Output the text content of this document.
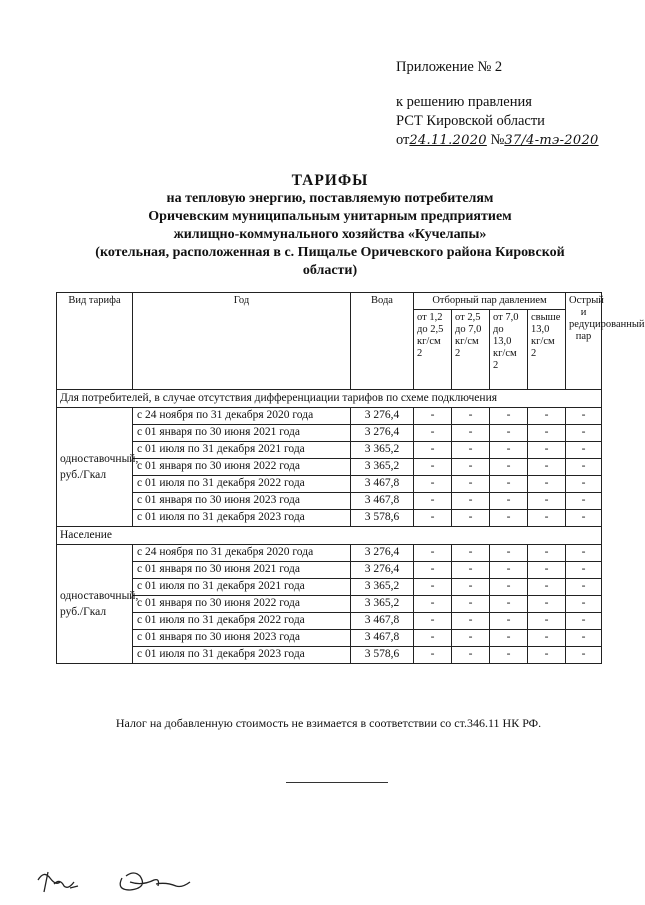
Приложение № 2
к решению правления
РСТ Кировской области
от24.11.2020 №37/4-тэ-2020
ТАРИФЫ
на тепловую энергию, поставляемую потребителям
Оричевским муниципальным унитарным предприятием
жилищно-коммунального хозяйства «Кучелапы»
(котельная, расположенная в с. Пищалье Оричевского района Кировской
области)
Вид тарифа	Год	Вода	Отборный пар давлением				Острый и редуцированный пар
			от 1,2 до 2,5 кг/см 2	от 2,5 до 7,0 кг/см 2	от 7,0 до 13,0 кг/см 2	свыше 13,0 кг/см 2	
Для потребителей, в случае отсутствия дифференциации тарифов по схеме подключения							
одноставочный, руб./Гкал	с 24 ноября по 31 декабря 2020 года	3 276,4	-	-	-	-	-
	с 01 января по 30 июня 2021 года	3 276,4	-	-	-	-	-
	с 01 июля по 31 декабря 2021 года	3 365,2	-	-	-	-	-
	с 01 января по 30 июня 2022 года	3 365,2	-	-	-	-	-
	с 01 июля по 31 декабря 2022 года	3 467,8	-	-	-	-	-
	с 01 января по 30 июня 2023 года	3 467,8	-	-	-	-	-
	с 01 июля по 31 декабря 2023 года	3 578,6	-	-	-	-	-
Население							
одноставочный, руб./Гкал	с 24 ноября по 31 декабря 2020 года	3 276,4	-	-	-	-	-
	с 01 января по 30 июня 2021 года	3 276,4	-	-	-	-	-
	с 01 июля по 31 декабря 2021 года	3 365,2	-	-	-	-	-
	с 01 января по 30 июня 2022 года	3 365,2	-	-	-	-	-
	с 01 июля по 31 декабря 2022 года	3 467,8	-	-	-	-	-
	с 01 января по 30 июня 2023 года	3 467,8	-	-	-	-	-
	с 01 июля по 31 декабря 2023 года	3 578,6	-	-	-	-	-
Налог на добавленную стоимость не взимается в соответствии со ст.346.11 НК РФ.
